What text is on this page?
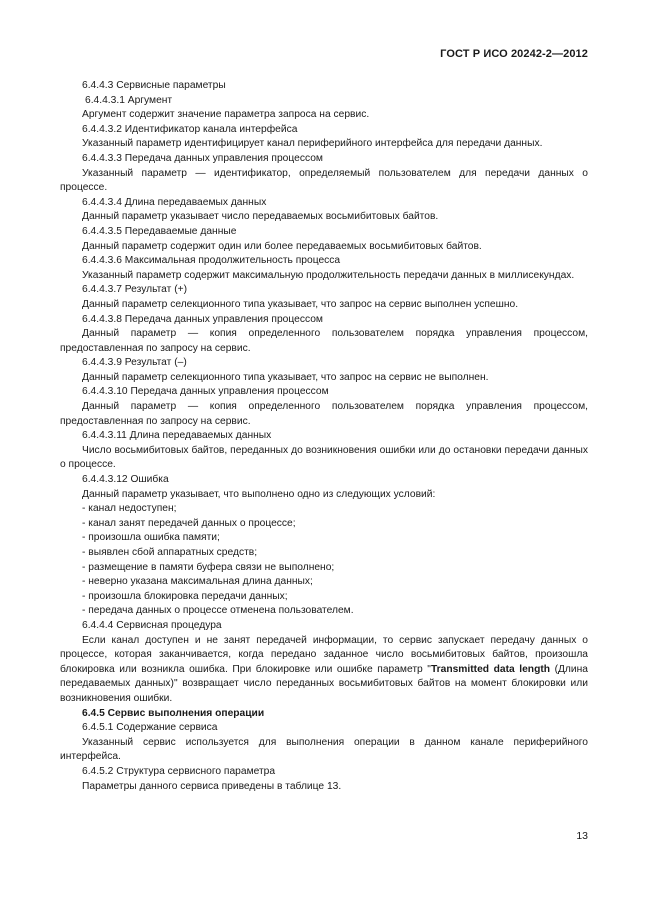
ГОСТ Р ИСО 20242-2—2012

6.4.4.3 Сервисные параметры

6.4.4.3.1 Аргумент

Аргумент содержит значение параметра запроса на сервис.

6.4.4.3.2 Идентификатор канала интерфейса

Указанный параметр идентифицирует канал периферийного интерфейса для передачи данных.

6.4.4.3.3 Передача данных управления процессом

Указанный параметр — идентификатор, определяемый пользователем для передачи данных о процессе.

6.4.4.3.4 Длина передаваемых данных

Данный параметр указывает число передаваемых восьмибитовых байтов.

6.4.4.3.5 Передаваемые данные

Данный параметр содержит один или более передаваемых восьмибитовых байтов.

6.4.4.3.6 Максимальная продолжительность процесса

Указанный параметр содержит максимальную продолжительность передачи данных в миллисекундах.

6.4.4.3.7 Результат (+)

Данный параметр селекционного типа указывает, что запрос на сервис выполнен успешно.

6.4.4.3.8 Передача данных управления процессом

Данный параметр — копия определенного пользователем порядка управления процессом, предоставленная по запросу на сервис.

6.4.4.3.9 Результат (–)

Данный параметр селекционного типа указывает, что запрос на сервис не выполнен.

6.4.4.3.10 Передача данных управления процессом

Данный параметр — копия определенного пользователем порядка управления процессом, предоставленная по запросу на сервис.

6.4.4.3.11 Длина передаваемых данных

Число восьмибитовых байтов, переданных до возникновения ошибки или до остановки передачи данных о процессе.

6.4.4.3.12 Ошибка

Данный параметр указывает, что выполнено одно из следующих условий:

- канал недоступен;

- канал занят передачей данных о процессе;

- произошла ошибка памяти;

- выявлен сбой аппаратных средств;

- размещение в памяти буфера связи не выполнено;

- неверно указана максимальная длина данных;

- произошла блокировка передачи данных;

- передача данных о процессе отменена пользователем.

6.4.4.4 Сервисная процедура

Если канал доступен и не занят передачей информации, то сервис запускает передачу данных о процессе, которая заканчивается, когда передано заданное число восьмибитовых байтов, произошла блокировка или возникла ошибка. При блокировке или ошибке параметр "Transmitted data length (Длина передаваемых данных)" возвращает число переданных восьмибитовых байтов на момент блокировки или возникновения ошибки.

6.4.5 Сервис выполнения операции

6.4.5.1 Содержание сервиса

Указанный сервис используется для выполнения операции в данном канале периферийного интерфейса.

6.4.5.2 Структура сервисного параметра

Параметры данного сервиса приведены в таблице 13.

13
